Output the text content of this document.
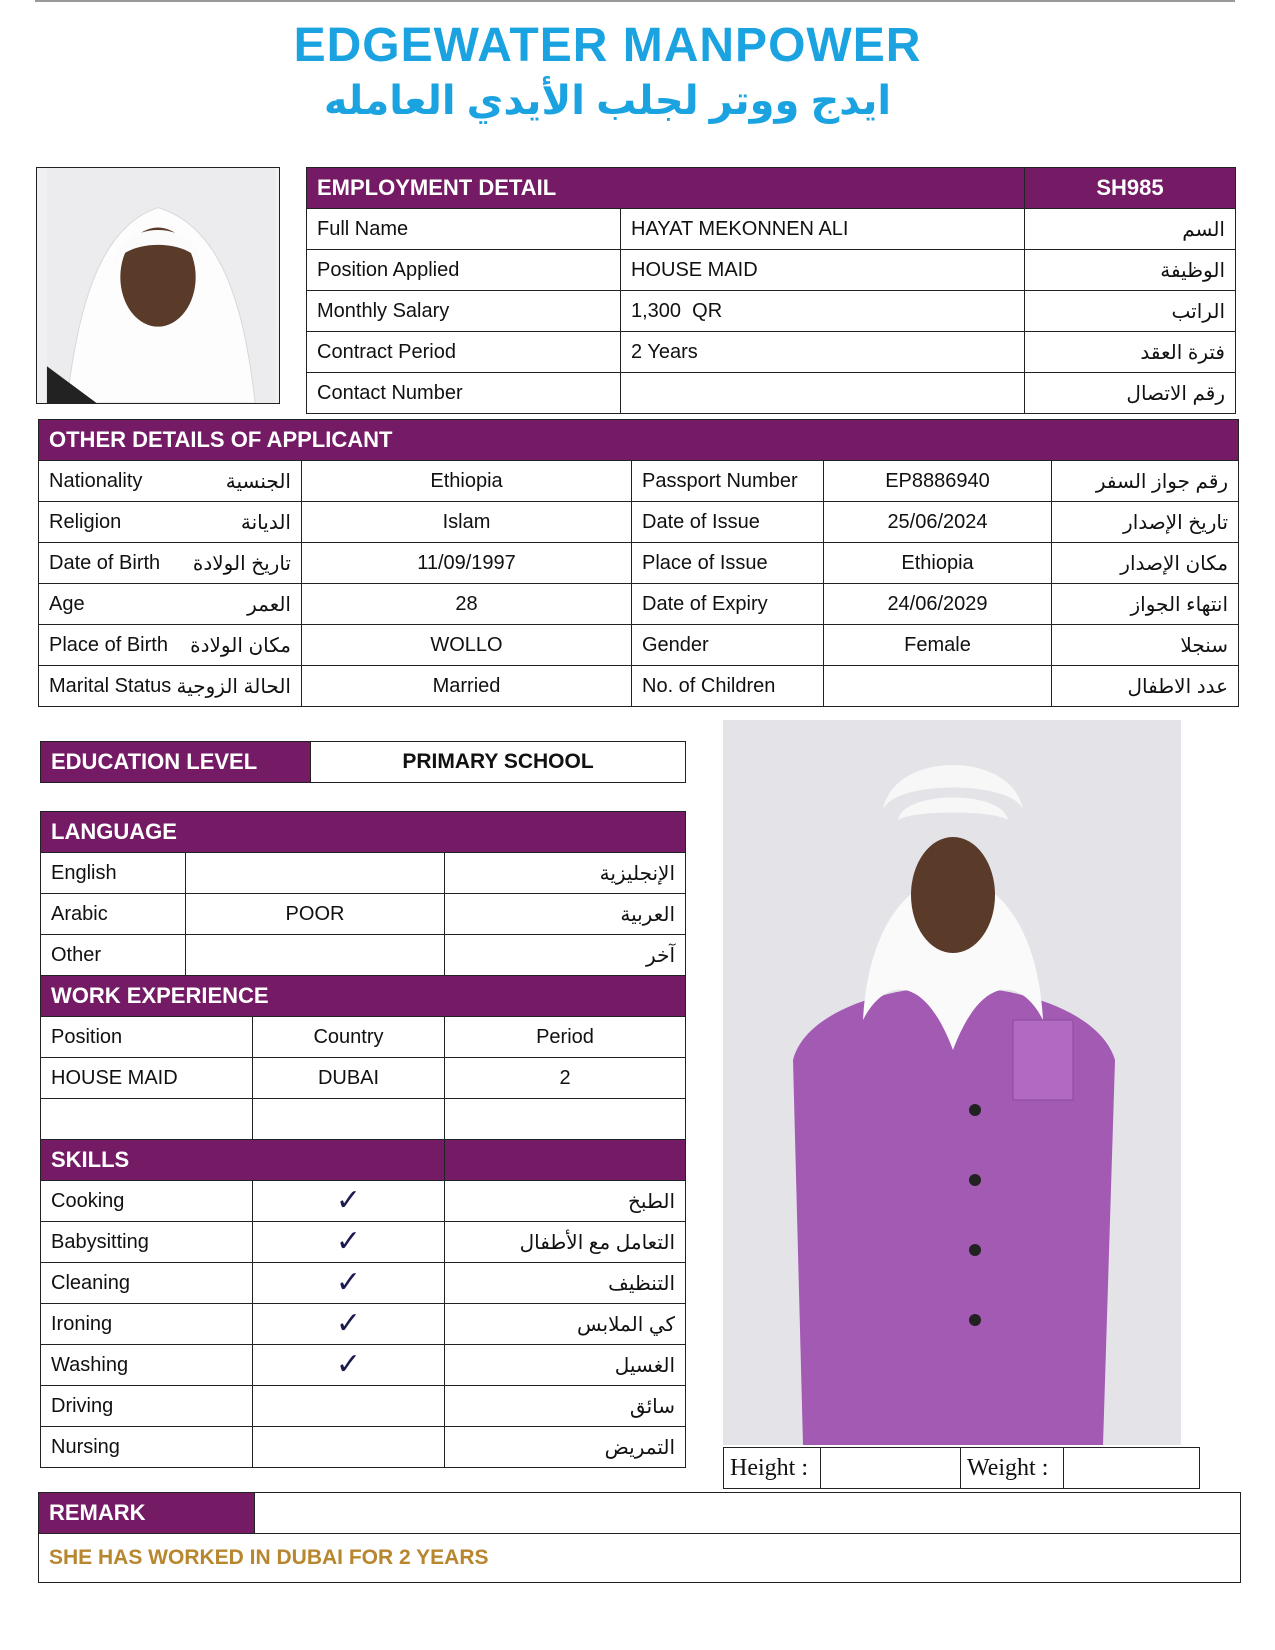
EDGEWATER MANPOWER
ايدج ووتر لجلب الأيدي العامله
EMPLOYMENT DETAIL		SH985
Full Name	HAYAT MEKONNEN ALI	السم
Position Applied	HOUSE MAID	الوظيفة
Monthly Salary	1,300  QR	الراتب
Contract Period	2 Years	فترة العقد
Contact Number		رقم الاتصال
OTHER DETAILS OF APPLICANT					
Nationality	الجنسية	Ethiopia	Passport Number	EP8886940	رقم جواز السفر
Religion	الديانة	Islam	Date of Issue	25/06/2024	تاريخ الإصدار
Date of Birth	تاريخ الولادة	11/09/1997	Place of Issue	Ethiopia	مكان الإصدار
Age	العمر	28	Date of Expiry	24/06/2029	انتهاء الجواز
Place of Birth	مكان الولادة	WOLLO	Gender	Female	سنجلا
Marital Status	الحالة الزوجية	Married	No. of Children		عدد الاطفال
EDUCATION LEVEL	PRIMARY SCHOOL
LANGUAGE			
English			الإنجليزية
Arabic	POOR		العربية
Other			آخر
WORK EXPERIENCE			
Position		Country	Period
HOUSE MAID		DUBAI	2

SKILLS			
Cooking		✓	الطبخ
Babysitting		✓	التعامل مع الأطفال
Cleaning		✓	التنظيف
Ironing		✓	كي الملابس
Washing		✓	الغسيل
Driving			سائق
Nursing			التمريض
Height :		Weight :	
REMARK	
SHE HAS WORKED IN DUBAI FOR 2 YEARS
